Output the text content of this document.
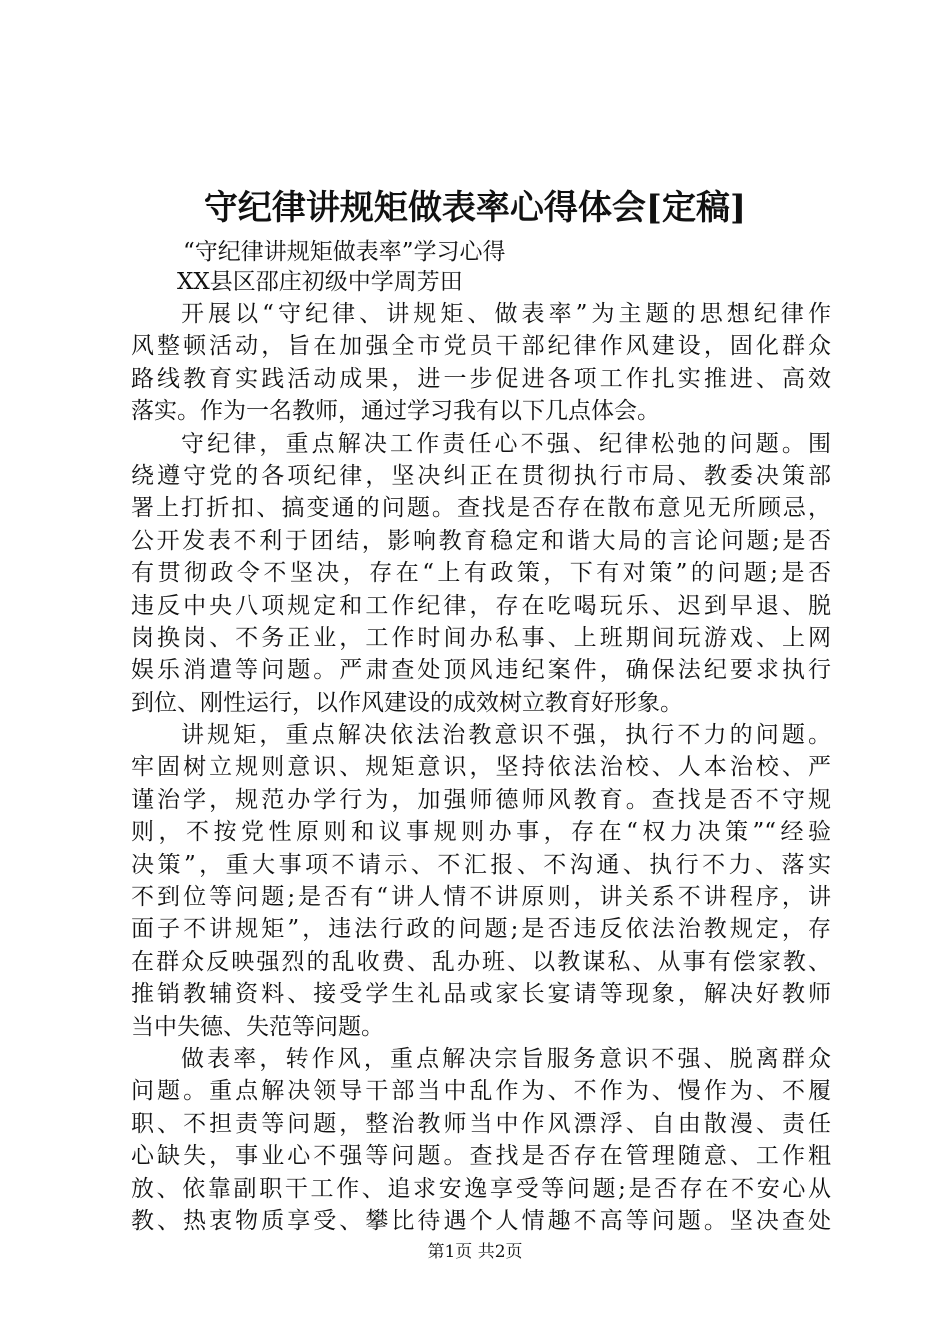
守纪律讲规矩做表率心得体会[定稿]
“守纪律讲规矩做表率”学习心得
XX县区邵庄初级中学周芳田

开展以“守纪律、讲规矩、做表率”为主题的思想纪律作
风整顿活动，旨在加强全市党员干部纪律作风建设，固化群众
路线教育实践活动成果，进一步促进各项工作扎实推进、高效
落实。作为一名教师，通过学习我有以下几点体会。

守纪律，重点解决工作责任心不强、纪律松弛的问题。围
绕遵守党的各项纪律，坚决纠正在贯彻执行市局、教委决策部
署上打折扣、搞变通的问题。查找是否存在散布意见无所顾忌，
公开发表不利于团结，影响教育稳定和谐大局的言论问题;是否
有贯彻政令不坚决，存在“上有政策，下有对策”的问题;是否
违反中央八项规定和工作纪律，存在吃喝玩乐、迟到早退、脱
岗换岗、不务正业，工作时间办私事、上班期间玩游戏、上网
娱乐消遣等问题。严肃查处顶风违纪案件，确保法纪要求执行
到位、刚性运行，以作风建设的成效树立教育好形象。

讲规矩，重点解决依法治教意识不强，执行不力的问题。
牢固树立规则意识、规矩意识，坚持依法治校、人本治校、严
谨治学，规范办学行为，加强师德师风教育。查找是否不守规
则，不按党性原则和议事规则办事，存在“权力决策”“经验
决策”，重大事项不请示、不汇报、不沟通、执行不力、落实
不到位等问题;是否有“讲人情不讲原则，讲关系不讲程序，讲
面子不讲规矩”，违法行政的问题;是否违反依法治教规定，存
在群众反映强烈的乱收费、乱办班、以教谋私、从事有偿家教、
推销教辅资料、接受学生礼品或家长宴请等现象，解决好教师
当中失德、失范等问题。

做表率，转作风，重点解决宗旨服务意识不强、脱离群众
问题。重点解决领导干部当中乱作为、不作为、慢作为、不履
职、不担责等问题，整治教师当中作风漂浮、自由散漫、责任
心缺失，事业心不强等问题。查找是否存在管理随意、工作粗
放、依靠副职干工作、追求安逸享受等问题;是否存在不安心从
教、热衷物质享受、攀比待遇个人情趣不高等问题。坚决查处

第1页 共2页
